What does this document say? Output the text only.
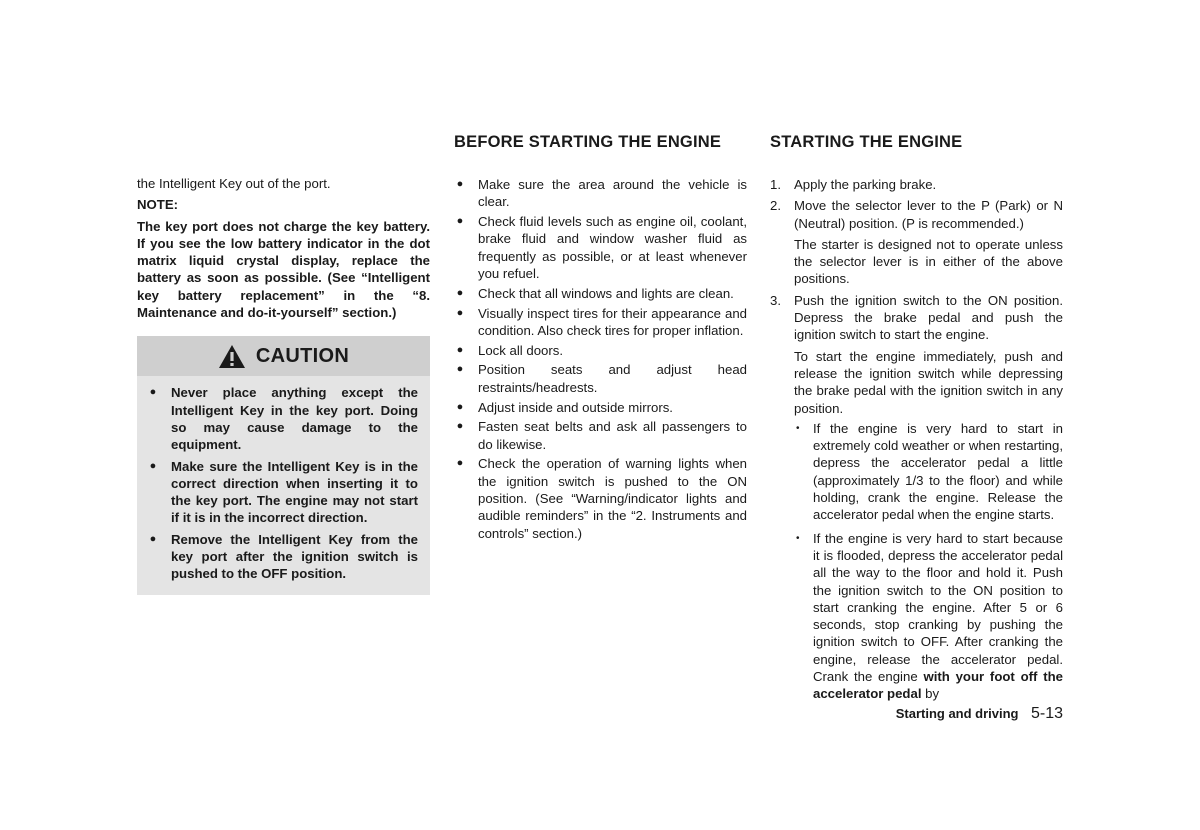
the Intelligent Key out of the port.

NOTE:

The key port does not charge the key battery. If you see the low battery indicator in the dot matrix liquid crystal display, replace the battery as soon as possible. (See “Intelligent key battery replacement” in the “8. Maintenance and do-it-yourself” section.)

CAUTION
● Never place anything except the Intelligent Key in the key port. Doing so may cause damage to the equipment.
● Make sure the Intelligent Key is in the correct direction when inserting it to the key port. The engine may not start if it is in the incorrect direction.
● Remove the Intelligent Key from the key port after the ignition switch is pushed to the OFF position.
BEFORE STARTING THE ENGINE
● Make sure the area around the vehicle is clear.
● Check fluid levels such as engine oil, coolant, brake fluid and window washer fluid as frequently as possible, or at least whenever you refuel.
● Check that all windows and lights are clean.
● Visually inspect tires for their appearance and condition. Also check tires for proper inflation.
● Lock all doors.
● Position seats and adjust head restraints/headrests.
● Adjust inside and outside mirrors.
● Fasten seat belts and ask all passengers to do likewise.
● Check the operation of warning lights when the ignition switch is pushed to the ON position. (See “Warning/indicator lights and audible reminders” in the “2. Instruments and controls” section.)
STARTING THE ENGINE
1. Apply the parking brake.

2. Move the selector lever to the P (Park) or N (Neutral) position. (P is recommended.)

The starter is designed not to operate unless the selector lever is in either of the above positions.

3. Push the ignition switch to the ON position. Depress the brake pedal and push the ignition switch to start the engine.

To start the engine immediately, push and release the ignition switch while depressing the brake pedal with the ignition switch in any position.

• If the engine is very hard to start in extremely cold weather or when restarting, depress the accelerator pedal a little (approximately 1/3 to the floor) and while holding, crank the engine. Release the accelerator pedal when the engine starts.
• If the engine is very hard to start because it is flooded, depress the accelerator pedal all the way to the floor and hold it. Push the ignition switch to the ON position to start cranking the engine. After 5 or 6 seconds, stop cranking by pushing the ignition switch to OFF. After cranking the engine, release the accelerator pedal. Crank the engine with your foot off the accelerator pedal by
Starting and driving 5-13
